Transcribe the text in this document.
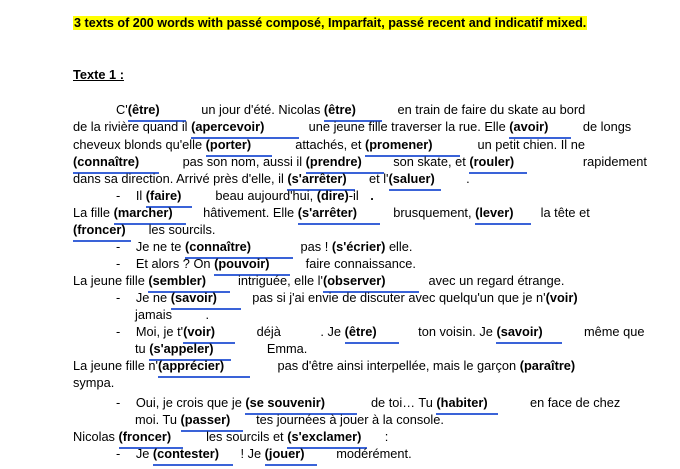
3 texts of 200 words with passé composé, Imparfait, passé recent and indicatif mixed.
Texte 1 :
C'(être)	un jour d'été. Nicolas (être)	en train de faire du skate au bord
de la rivière quand il (apercevoir)	une jeune fille traverser la rue. Elle (avoir)	de longs
cheveux blonds qu'elle (porter)	attachés, et (promener)	un petit chien. Il ne
(connaître)	pas son nom, aussi il (prendre) son skate, et (rouler)	rapidement
dans sa direction. Arrivé près d'elle, il (s'arrêter) et l'(saluer) .
- Il (faire)	beau aujourd'hui, (dire)-il .
La fille (marcher) hâtivement. Elle (s'arrêter)	brusquement, (lever) la tête et
(froncer) les sourcils.
- Je ne te (connaître)	pas ! (s'écrier) elle.
- Et alors ? On (pouvoir)	faire connaissance.
La jeune fille (sembler) intriguée, elle l'(observer)	avec un regard étrange.
- Je ne (savoir)	pas si j'ai envie de discuter avec quelqu'un que je n'(voir)
jamais	.
- Moi, je t'(voir)	déjà	. Je (être)	ton voisin. Je (savoir)	même que
tu (s'appeler)	Emma.
La jeune fille n'(apprécier)	pas d'être ainsi interpellée, mais le garçon (paraître)
sympa.
- Oui, je crois que je (se souvenir)	de toi… Tu (habiter)	en face de chez
moi. Tu (passer) tes journées à jouer à la console.
Nicolas (froncer)	les sourcils et (s'exclamer) :
- Je (contester) ! Je (jouer) modérément.
